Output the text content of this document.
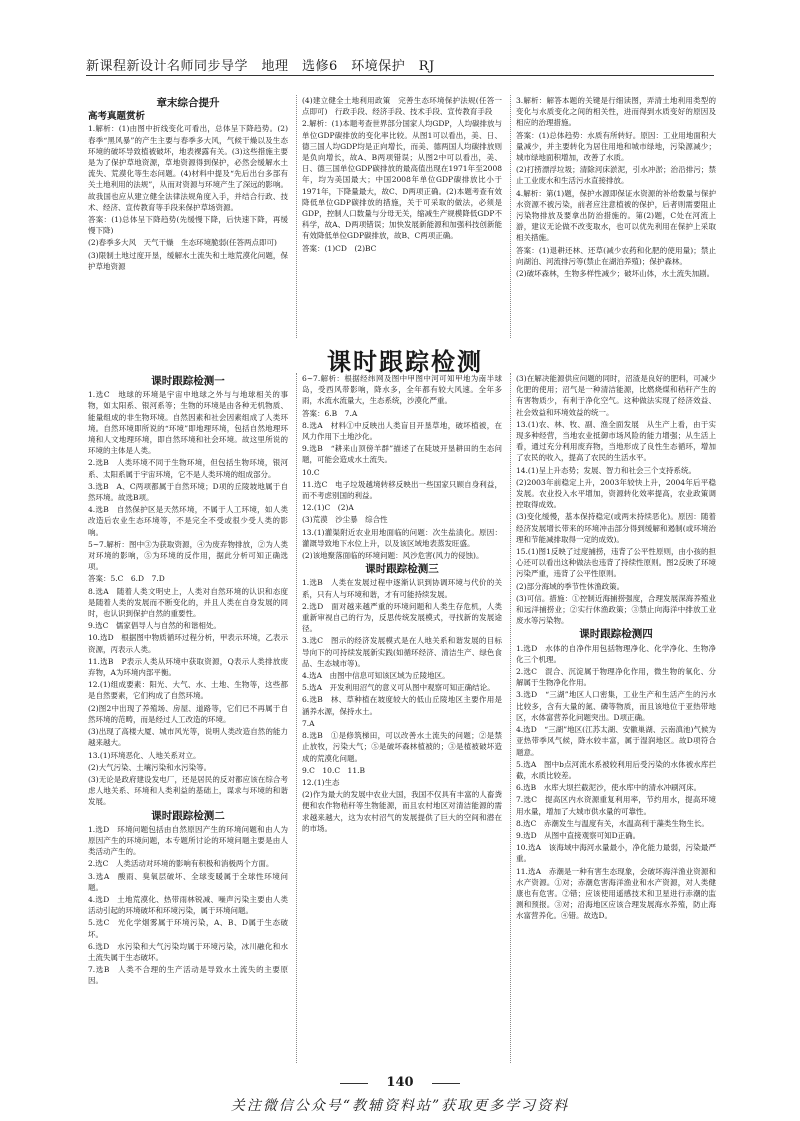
新课程新设计名师同步导学　地理　选修6　环境保护　RJ
章末综合提升
高考真题赏析

1.解析：(1)由图中折线变化可看出，总体呈下降趋势。(2)春季“黑风暴”的产生主要与春季多大风，气候干燥以及生态环境的破坏导致植被破坏，地表裸露有关。(3)这些措施主要是为了保护草地资源，草地资源得到保护，必然会缓解水土流失、荒漠化等生态问题。(4)材料中提及“先后出台多部有关土地利用的法规”，从而对资源与环境产生了深远的影响。故我国也应从建立健全法律法规角度入手，并结合行政、技术、经济、宣传教育等手段来保护草场资源。

答案：(1)总体呈下降趋势(先缓慢下降，后快速下降，再缓慢下降)

(2)春季多大风　天气干燥　生态环境脆弱(任答两点即可)

(3)限制土地过度开垦，缓解水土流失和土地荒漠化问题，保护草地资源

(4)建立健全土地利用政策　完善生态环境保护法规(任答一点即可)　行政手段、经济手段、技术手段、宣传教育手段

2.解析：(1)本题考查世界部分国家人均GDP，人均碳排放与单位GDP碳排放的变化率比较。从图1可以看出，美、日、德三国人均GDP均是正向增长，而美、德两国人均碳排放则是负向增长，故A、B两项错误；从图2中可以看出，美、日、德三国单位GDP碳排放的最高值出现在1971年至2008年，均为美国最大；中国2008年单位GDP碳排放比小于1971年，下降量最大，故C、D两项正确。(2)本题考查有效降低单位GDP碳排放的措施，关于可采取的做法，必须是GDP，控制人口数量与分母无关，缩减生产规模降低GDP不科学，故A、D两项错误；加快发展新能源和加强科技创新能有效降低单位GDP碳排放，故B、C两项正确。

答案：(1)CD　(2)BC

3.解析：解答本题的关键是行细读图，弄清土地利用类型的变化与水质变化之间的相关性，进而得到水质变好的原因及相应的治理措施。

答案：(1)总体趋势：水质有所转好。原因：工业用地面积大量减少，并主要转化为居住用地和城市绿地，污染源减少；城市绿地面积增加，改善了水质。

(2)打捞漂浮垃圾；清除河床淤泥，引水冲淤；治沿排污；禁止工业废水和生活污水直接排放。

4.解析：第(1)题，保护水源即保证水资源的补给数量与保护水资源不被污染，前者应注意植被的保护，后者则需要阻止污染物排放及要拿出防治措施的。第(2)题，C处在河流上游，建议无论做不改变取水，也可以优先利用在保护上采取相关措施。

答案：(1)退耕还林、还草(减少农药和化肥的使用量)；禁止向湖泊、河流排污等(禁止在湖泊养殖)；保护森林。

(2)破坏森林，生物多样性减少；破坏山体，水土流失加剧。

课时跟踪检测
课时跟踪检测一

1.选C　地球的环境是宇宙中地球之外与与地球相关的事物，如太阳系、银河系等；生物的环境是由各种无机物质、能量组成的非生物环境。自然因素和社会因素组成了人类环境。自然环境即所说的“环境”即地理环境，包括自然地理环境和人文地理环境，即自然环境和社会环境。故这里所说的环境的主体是人类。

2.选B　人类环境不同于生物环境，但包括生物环境，银河系、太阳系属于宇宙环境，它不是人类环境的组成部分。

3.选B　A、C两项都属于自然环境；D项的丘陵坡地属于自然环境。故选B项。

4.选B　自然保护区是天然环境，不属于人工环境，如人类改造后农业生态环境等，不是完全不受或很少受人类的影响。

5~7.解析：图中③为获取资源，④为废弃物排放，②为人类对环境的影响，⑤为环境的反作用，据此分析可知正确选项。

答案：5.C　6.D　7.D

8.选A　随着人类文明史上，人类对自然环境的认识和态度是随着人类的发展而不断变化的，并且人类在自身发展的同时，也认识到保护自然的重要性。

9.选C　儒家倡导人与自然的和谐相处。

10.选D　根据图中物质循环过程分析，甲表示环境，乙表示资源，丙表示人类。

11.选B　P表示人类从环境中获取资源，Q表示人类排放废弃物，A为环境内部平衡。

12.(1)组成要素：阳光、大气、水、土地、生物等，这些都是自然要素，它们构成了自然环境。

(2)图2中出现了养殖场、房屋、道路等，它们已不再属于自然环境的范畴，而是经过人工改造的环境。

(3)出现了高楼大厦、城市风光等，说明人类改造自然的能力越来越大。

13.(1)环境恶化、人地关系对立。

(2)大气污染、土壤污染和水污染等。

(3)无论是政府建设发电厂，还是居民的反对都应该在综合考虑人地关系、环境和人类利益的基础上，谋求与环境的和谐发展。

课时跟踪检测二

1.选D　环境问题包括由自然原因产生的环境问题和由人为原因产生的环境问题，本专题所讨论的环境问题主要是由人类活动产生的。

2.选C　人类活动对环境的影响有积极和消极两个方面。

3.选A　酸雨、臭氧层破坏、全球变暖属于全球性环境问题。

4.选D　土地荒漠化、热带雨林锐减、噪声污染主要由人类活动引起的环境破坏和环境污染，属于环境问题。

5.选C　光化学烟雾属于环境污染，A、B、D属于生态破坏。

6.选D　水污染和大气污染均属于环境污染，冰川融化和水土流失属于生态破坏。

7.选B　人类不合理的生产活动是导致水土流失的主要原因。

6~7.解析：根据经纬网及图中甲图中河可知甲地为南半球岛，受西风带影响，降水多，全年都有较大风速。全年多雨，水流水流量大，生态系统，沙漠化严重。

答案：6.B　7.A

8.选A　材料①中反映出人类盲目开垦草地，破坏植被，在风力作用下土地沙化。

9.选B　“耕来山顶傍羊群”描述了在陡坡开垦耕田的生态问题，可能会造成水土流失。

10.C

11.选C　电子垃圾越境转移反映出一些国家只顾自身利益，而不考虑别国的利益。

12.(1)C　(2)A

(3)荒漠　沙尘暴　综合性

13.(1)灌渠附近农业用地面临的问题：次生盐渍化。原因：灌溉导致地下水位上升，以及该区域地表蒸发旺盛。

(2)该地聚落面临的环境问题：风沙危害(风力的侵蚀)。

课时跟踪检测三

1.选B　人类在发展过程中逐渐认识到协调环境与代价的关系，只有人与环境和谐，才有可能持续发展。

2.选D　面对越来越严重的环境问题和人类生存危机，人类重新审视自己的行为，反思传统发展模式，寻找新的发展途径。

3.选C　图示的经济发展模式是在人地关系和谐发展的目标导向下的可持续发展新实践(如循环经济、清洁生产、绿色食品、生态城市等)。

4.选A　由图中信息可知该区域为丘陵地区。

5.选A　开发利用沼气的意义可从图中观察可知正确结论。

6.选B　林、草种植在坡度较大的低山丘陵地区主要作用是涵养水源，保持水土。

7.A

8.选B　①是修筑梯田，可以改善水土流失的问题；②是禁止放牧，污染大气；⑤是破坏森林植被的；③是植被破坏造成的荒漠化问题。

9.C　10.C　11.B

12.(1)生态

(2)作为最大的发展中农业大国，我国不仅具有丰富的人畜粪便和农作物秸秆等生物能源，而且农村地区对清洁能源的需求越来越大，这为农村沼气的发展提供了巨大的空间和潜在的市场。

(3)在解决能源供应问题的同时，沼渣是良好的肥料，可减少化肥的使用；沼气是一种清洁能源，比燃烧煤和秸秆产生的有害物质少，有利于净化空气。这种做法实现了经济效益、社会效益和环境效益的统一。

13.(1)农、林、牧、副、渔全面发展　从生产上看，由于实现多种经营，当地农业抵御市场风险的能力增强；从生活上看，通过充分利用废弃物，当地形成了良性生态循环，增加了农民的收入，提高了农民的生活水平。

14.(1)呈上升态势；发展、智力和社会三个支持系统。

(2)2003年前稳定上升，2003年较快上升，2004年后平稳发展。农业投入水平增加，资源转化效率提高，农业政策调控取得成效。

(3)变化缓慢，基本保持稳定(或两未持续恶化)。原因：随着经济发展增长带来的环境冲击部分得到缓解和遏制(或环境治理和节能减排取得一定的成效)。

15.(1)图1反映了过度捕捞，违背了公平性原则，由小孩的担心还可以看出这种做法也违背了持续性原则。图2反映了环境污染严重，违背了公平性原则。

(2)部分海域的季节性休渔政策。

(3)可信。措施：①控制近海捕捞强度，合理发展深海养殖业和远洋捕捞业；②实行休渔政策；③禁止向海洋中排放工业废水等污染物。

课时跟踪检测四

1.选D　水体的自净作用包括物理净化、化学净化、生物净化三个机理。

2.选C　混合、沉淀属于物理净化作用，微生物的氧化、分解属于生物净化作用。

3.选D　“三湖”地区人口密集，工业生产和生活产生的污水比较多，含有大量的氮、磷等物质，而且该地位于亚热带地区，水体富营养化问题突出。D项正确。

4.选D　“三湖”地区(江苏太湖、安徽巢湖、云南滇池)气候为亚热带季风气候，降水较丰富，属于湿润地区。故D项符合题意。

5.选A　图中b点河流水系被较利用后受污染的水体被水库拦截，水质比较差。

6.选B　水库大坝拦截泥沙，使水库中的清水冲刷河床。

7.选C　提高区内水资源重复利用率，节约用水，提高环境用水量，增加了大城市供水量的可靠性。

8.选C　赤潮发生与温度有关，水温高利于藻类生物生长。

9.选D　从图中直接观察可知D正确。

10.选A　该海域中海河水量最小，净化能力最弱，污染最严重。

11.选A　赤潮是一种有害生态现象，会破坏海洋渔业资源和水产资源。①对；赤潮危害海洋渔业和水产资源，对人类健康也有危害。②错；应该使用遥感技术和卫星进行赤潮的监测和预报。③对；沿海地区应该合理发展海水养殖，防止海水富营养化。④错。故选D。

140
关注微信公众号“教辅资料站”获取更多学习资料
